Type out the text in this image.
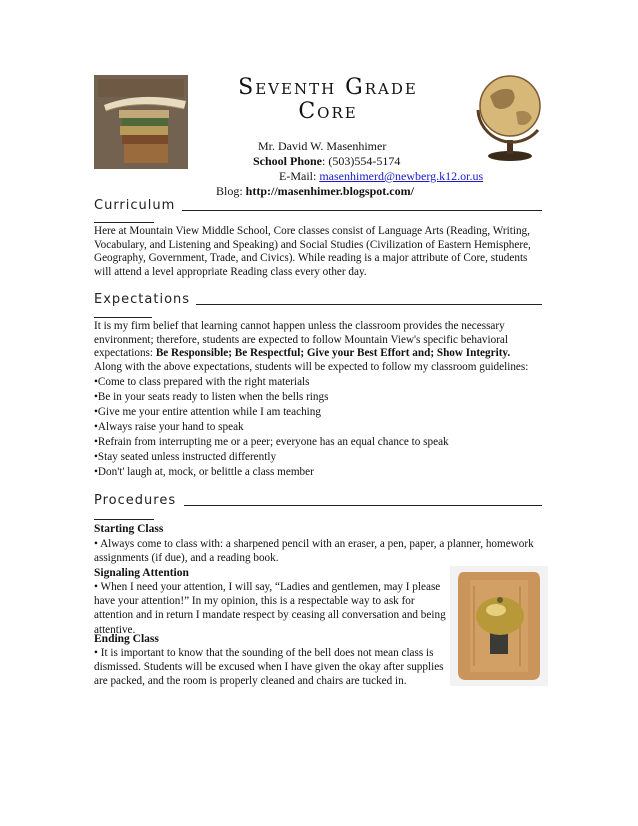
Seventh Grade
Core
Mr. David W. Masenhimer
School Phone: (503)554-5174
E-Mail: masenhimerd@newberg.k12.or.us
Blog: http://masenhimer.blogspot.com/
Curriculum
Here at Mountain View Middle School, Core classes consist of Language Arts (Reading, Writing, Vocabulary, and Listening and Speaking) and Social Studies (Civilization of Eastern Hemisphere, Geography, Government, Trade, and Civics). While reading is a major attribute of Core, students will attend a level appropriate Reading class every other day.
Expectations
It is my firm belief that learning cannot happen unless the classroom provides the necessary environment; therefore, students are expected to follow Mountain View's specific behavioral expectations: Be Responsible; Be Respectful; Give your Best Effort and; Show Integrity.
Along with the above expectations, students will be expected to follow my classroom guidelines:
• Come to class prepared with the right materials
• Be in your seats ready to listen when the bells rings
• Give me your entire attention while I am teaching
• Always raise your hand to speak
• Refrain from interrupting me or a peer; everyone has an equal chance to speak
• Stay seated unless instructed differently
• Don't' laugh at, mock, or belittle a class member
Procedures
Starting Class
• Always come to class with: a sharpened pencil with an eraser, a pen, paper, a planner, homework assignments (if due), and a reading book.
Signaling Attention
• When I need your attention, I will say, “Ladies and gentlemen, may I please have your attention!” In my opinion, this is a respectable way to ask for attention and in return I mandate respect by ceasing all conversation and being attentive.
Ending Class
• It is important to know that the sounding of the bell does not mean class is dismissed. Students will be excused when I have given the okay after supplies are packed, and the room is properly cleaned and chairs are tucked in.
